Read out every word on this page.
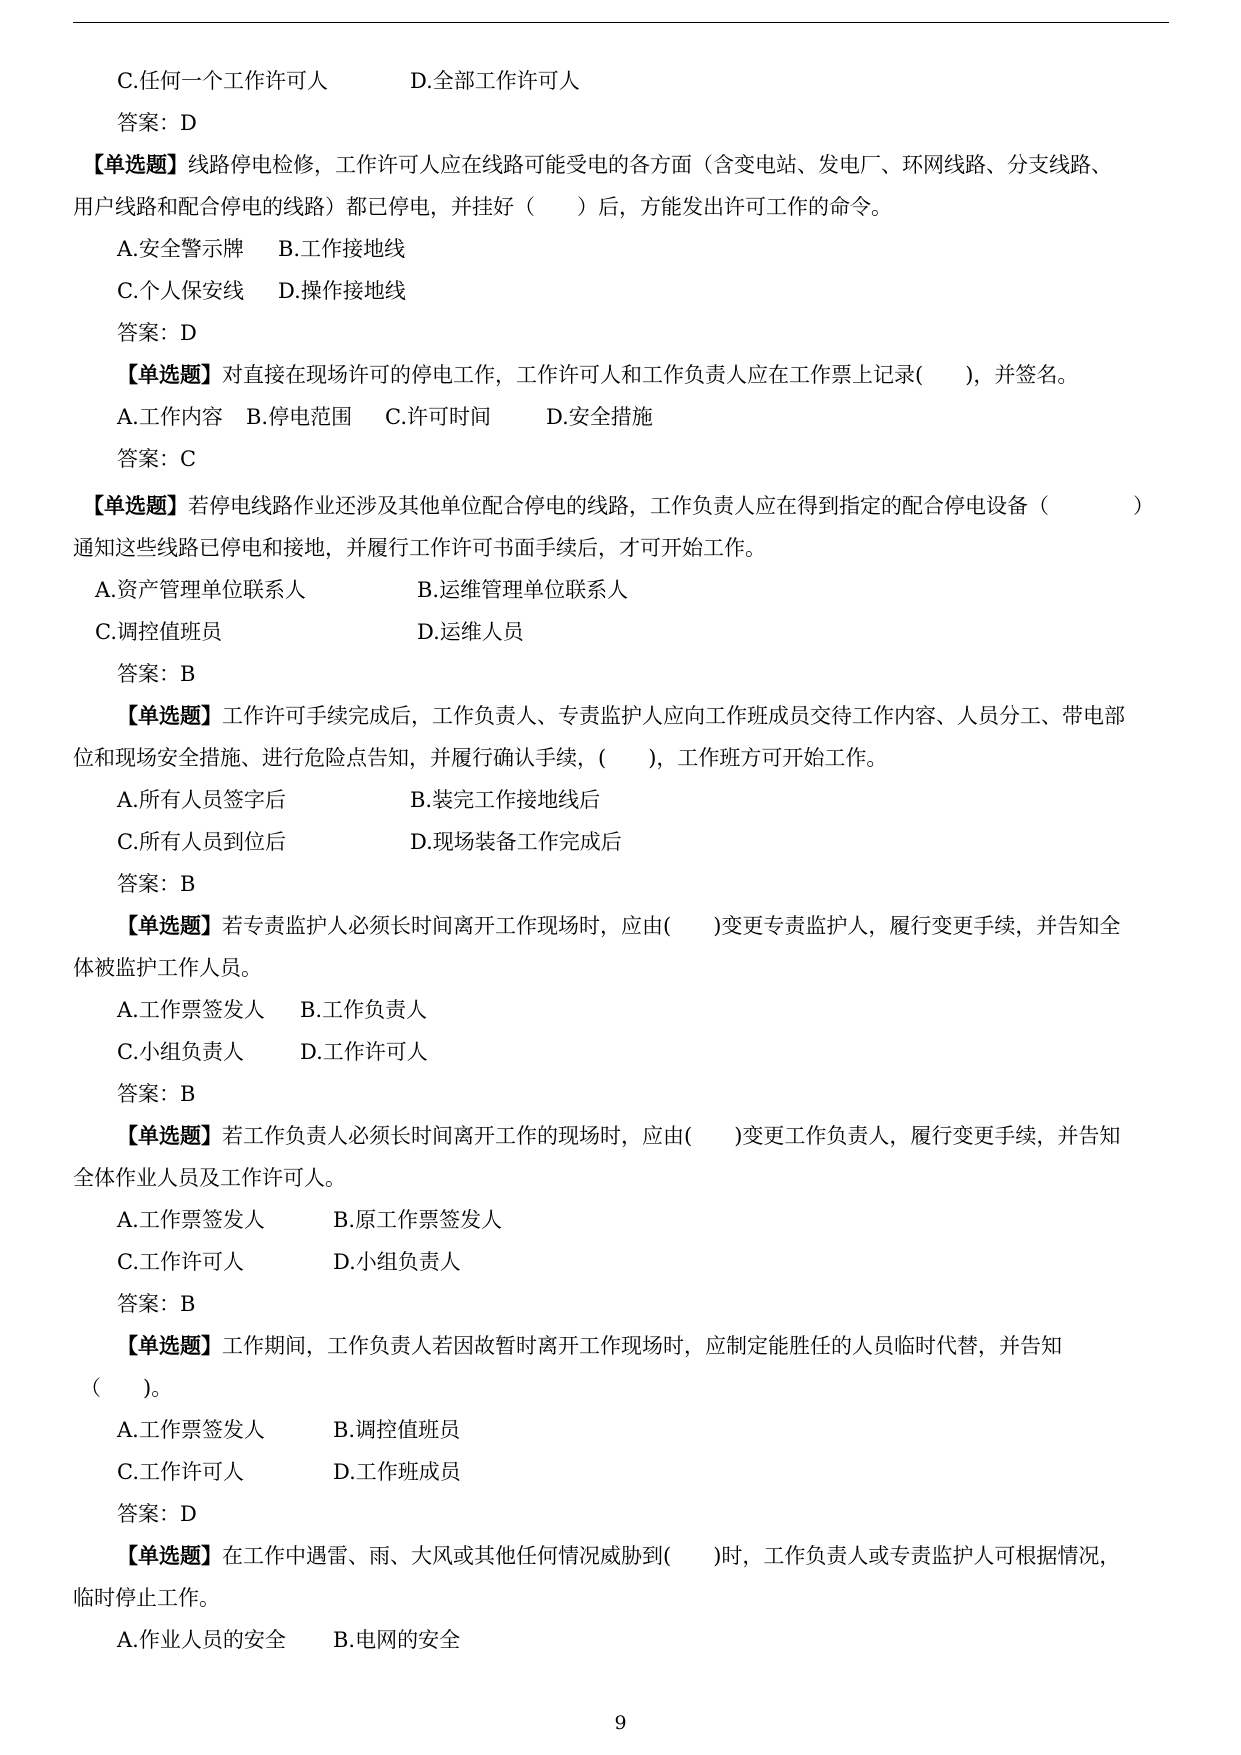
C.任何一个工作许可人	D.全部工作许可人
答案：D
【单选题】线路停电检修，工作许可人应在线路可能受电的各方面（含变电站、发电厂、环网线路、分支线路、
用户线路和配合停电的线路）都已停电，并挂好（　　）后，方能发出许可工作的命令。
A.安全警示牌 B.工作接地线
C.个人保安线 D.操作接地线
答案：D
【单选题】对直接在现场许可的停电工作，工作许可人和工作负责人应在工作票上记录(　　)，并签名。
A.工作内容 B.停电范围 C.许可时间	D.安全措施
答案：C
【单选题】若停电线路作业还涉及其他单位配合停电的线路，工作负责人应在得到指定的配合停电设备（　　　　）
通知这些线路已停电和接地，并履行工作许可书面手续后，才可开始工作。
A.资产管理单位联系人	B.运维管理单位联系人
C.调控值班员	D.运维人员
答案：B
【单选题】工作许可手续完成后，工作负责人、专责监护人应向工作班成员交待工作内容、人员分工、带电部
位和现场安全措施、进行危险点告知，并履行确认手续，(　　)，工作班方可开始工作。
A.所有人员签字后	B.装完工作接地线后
C.所有人员到位后	D.现场装备工作完成后
答案：B
【单选题】若专责监护人必须长时间离开工作现场时，应由(　　)变更专责监护人，履行变更手续，并告知全
体被监护工作人员。
A.工作票签发人 B.工作负责人
C.小组负责人	D.工作许可人
答案：B
【单选题】若工作负责人必须长时间离开工作的现场时，应由(　　)变更工作负责人，履行变更手续，并告知
全体作业人员及工作许可人。
A.工作票签发人	B.原工作票签发人
C.工作许可人	D.小组负责人
答案：B
【单选题】工作期间，工作负责人若因故暂时离开工作现场时，应制定能胜任的人员临时代替，并告知
（　　)。
A.工作票签发人	B.调控值班员
C.工作许可人	D.工作班成员
答案：D
【单选题】在工作中遇雷、雨、大风或其他任何情况威胁到(　　)时，工作负责人或专责监护人可根据情况，
临时停止工作。
A.作业人员的安全 B.电网的安全
9
